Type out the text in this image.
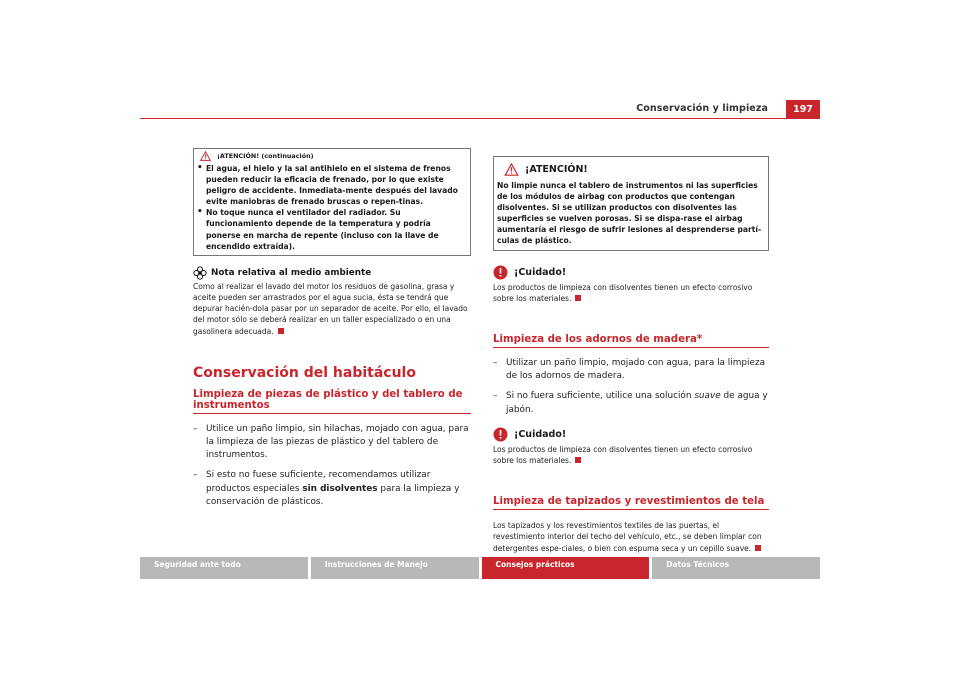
Conservación y limpieza	197
¡ATENCIÓN! (continuación)
• El agua, el hielo y la sal antihielo en el sistema de frenos pueden reducir la eficacia de frenado, por lo que existe peligro de accidente. Inmediata-mente después del lavado evite maniobras de frenado bruscas o repen-tinas.
• No toque nunca el ventilador del radiador. Su funcionamiento depende de la temperatura y podría ponerse en marcha de repente (incluso con la llave de encendido extraída).
Nota relativa al medio ambiente
Como al realizar el lavado del motor los residuos de gasolina, grasa y aceite pueden ser arrastrados por el agua sucia, ésta se tendrá que depurar hacién-dola pasar por un separador de aceite. Por ello, el lavado del motor sólo se deberá realizar en un taller especializado o en una gasolinera adecuada.
Conservación del habitáculo
Limpieza de piezas de plástico y del tablero de instrumentos
– Utilice un paño limpio, sin hilachas, mojado con agua, para la limpieza de las piezas de plástico y del tablero de instrumentos.
– Si esto no fuese suficiente, recomendamos utilizar productos especiales sin disolventes para la limpieza y conservación de plásticos.
¡ATENCIÓN!
No limpie nunca el tablero de instrumentos ni las superficies de los módulos de airbag con productos que contengan disolventes. Si se utilizan productos con disolventes las superficies se vuelven porosas. Si se dispa-rase el airbag aumentaría el riesgo de sufrir lesiones al desprenderse partí-culas de plástico.
¡Cuidado!
Los productos de limpieza con disolventes tienen un efecto corrosivo sobre los materiales.
Limpieza de los adornos de madera*
– Utilizar un paño limpio, mojado con agua, para la limpieza de los adornos de madera.
– Si no fuera suficiente, utilice una solución suave de agua y jabón.
¡Cuidado!
Los productos de limpieza con disolventes tienen un efecto corrosivo sobre los materiales.
Limpieza de tapizados y revestimientos de tela
Los tapizados y los revestimientos textiles de las puertas, el revestimiento interior del techo del vehículo, etc., se deben limpiar con detergentes espe-ciales, o bien con espuma seca y un cepillo suave.
Seguridad ante todo	Instrucciones de Manejo	Consejos prácticos	Datos Técnicos
